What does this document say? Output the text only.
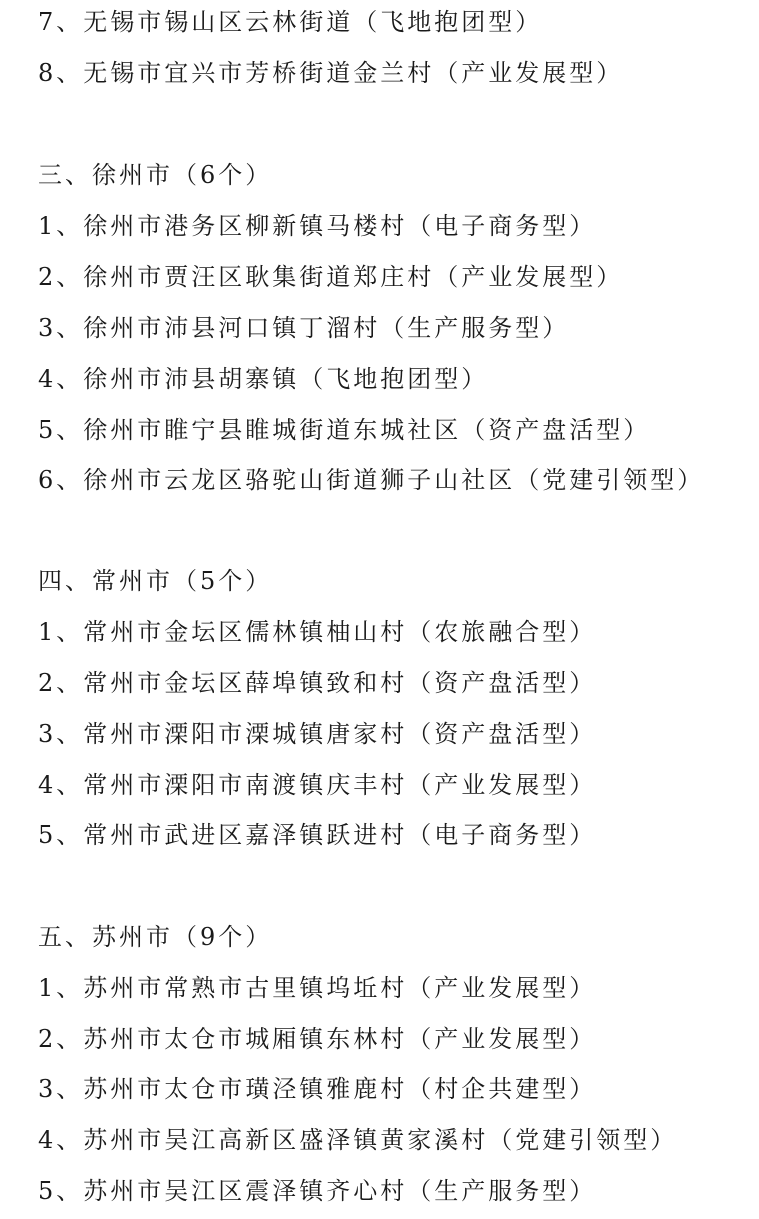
7、无锡市锡山区云林街道（飞地抱团型）
8、无锡市宜兴市芳桥街道金兰村（产业发展型）
三、徐州市（6个）
1、徐州市港务区柳新镇马楼村（电子商务型）
2、徐州市贾汪区耿集街道郑庄村（产业发展型）
3、徐州市沛县河口镇丁溜村（生产服务型）
4、徐州市沛县胡寨镇（飞地抱团型）
5、徐州市睢宁县睢城街道东城社区（资产盘活型）
6、徐州市云龙区骆驼山街道狮子山社区（党建引领型）
四、常州市（5个）
1、常州市金坛区儒林镇柚山村（农旅融合型）
2、常州市金坛区薛埠镇致和村（资产盘活型）
3、常州市溧阳市溧城镇唐家村（资产盘活型）
4、常州市溧阳市南渡镇庆丰村（产业发展型）
5、常州市武进区嘉泽镇跃进村（电子商务型）
五、苏州市（9个）
1、苏州市常熟市古里镇坞坵村（产业发展型）
2、苏州市太仓市城厢镇东林村（产业发展型）
3、苏州市太仓市璜泾镇雅鹿村（村企共建型）
4、苏州市吴江高新区盛泽镇黄家溪村（党建引领型）
5、苏州市吴江区震泽镇齐心村（生产服务型）
